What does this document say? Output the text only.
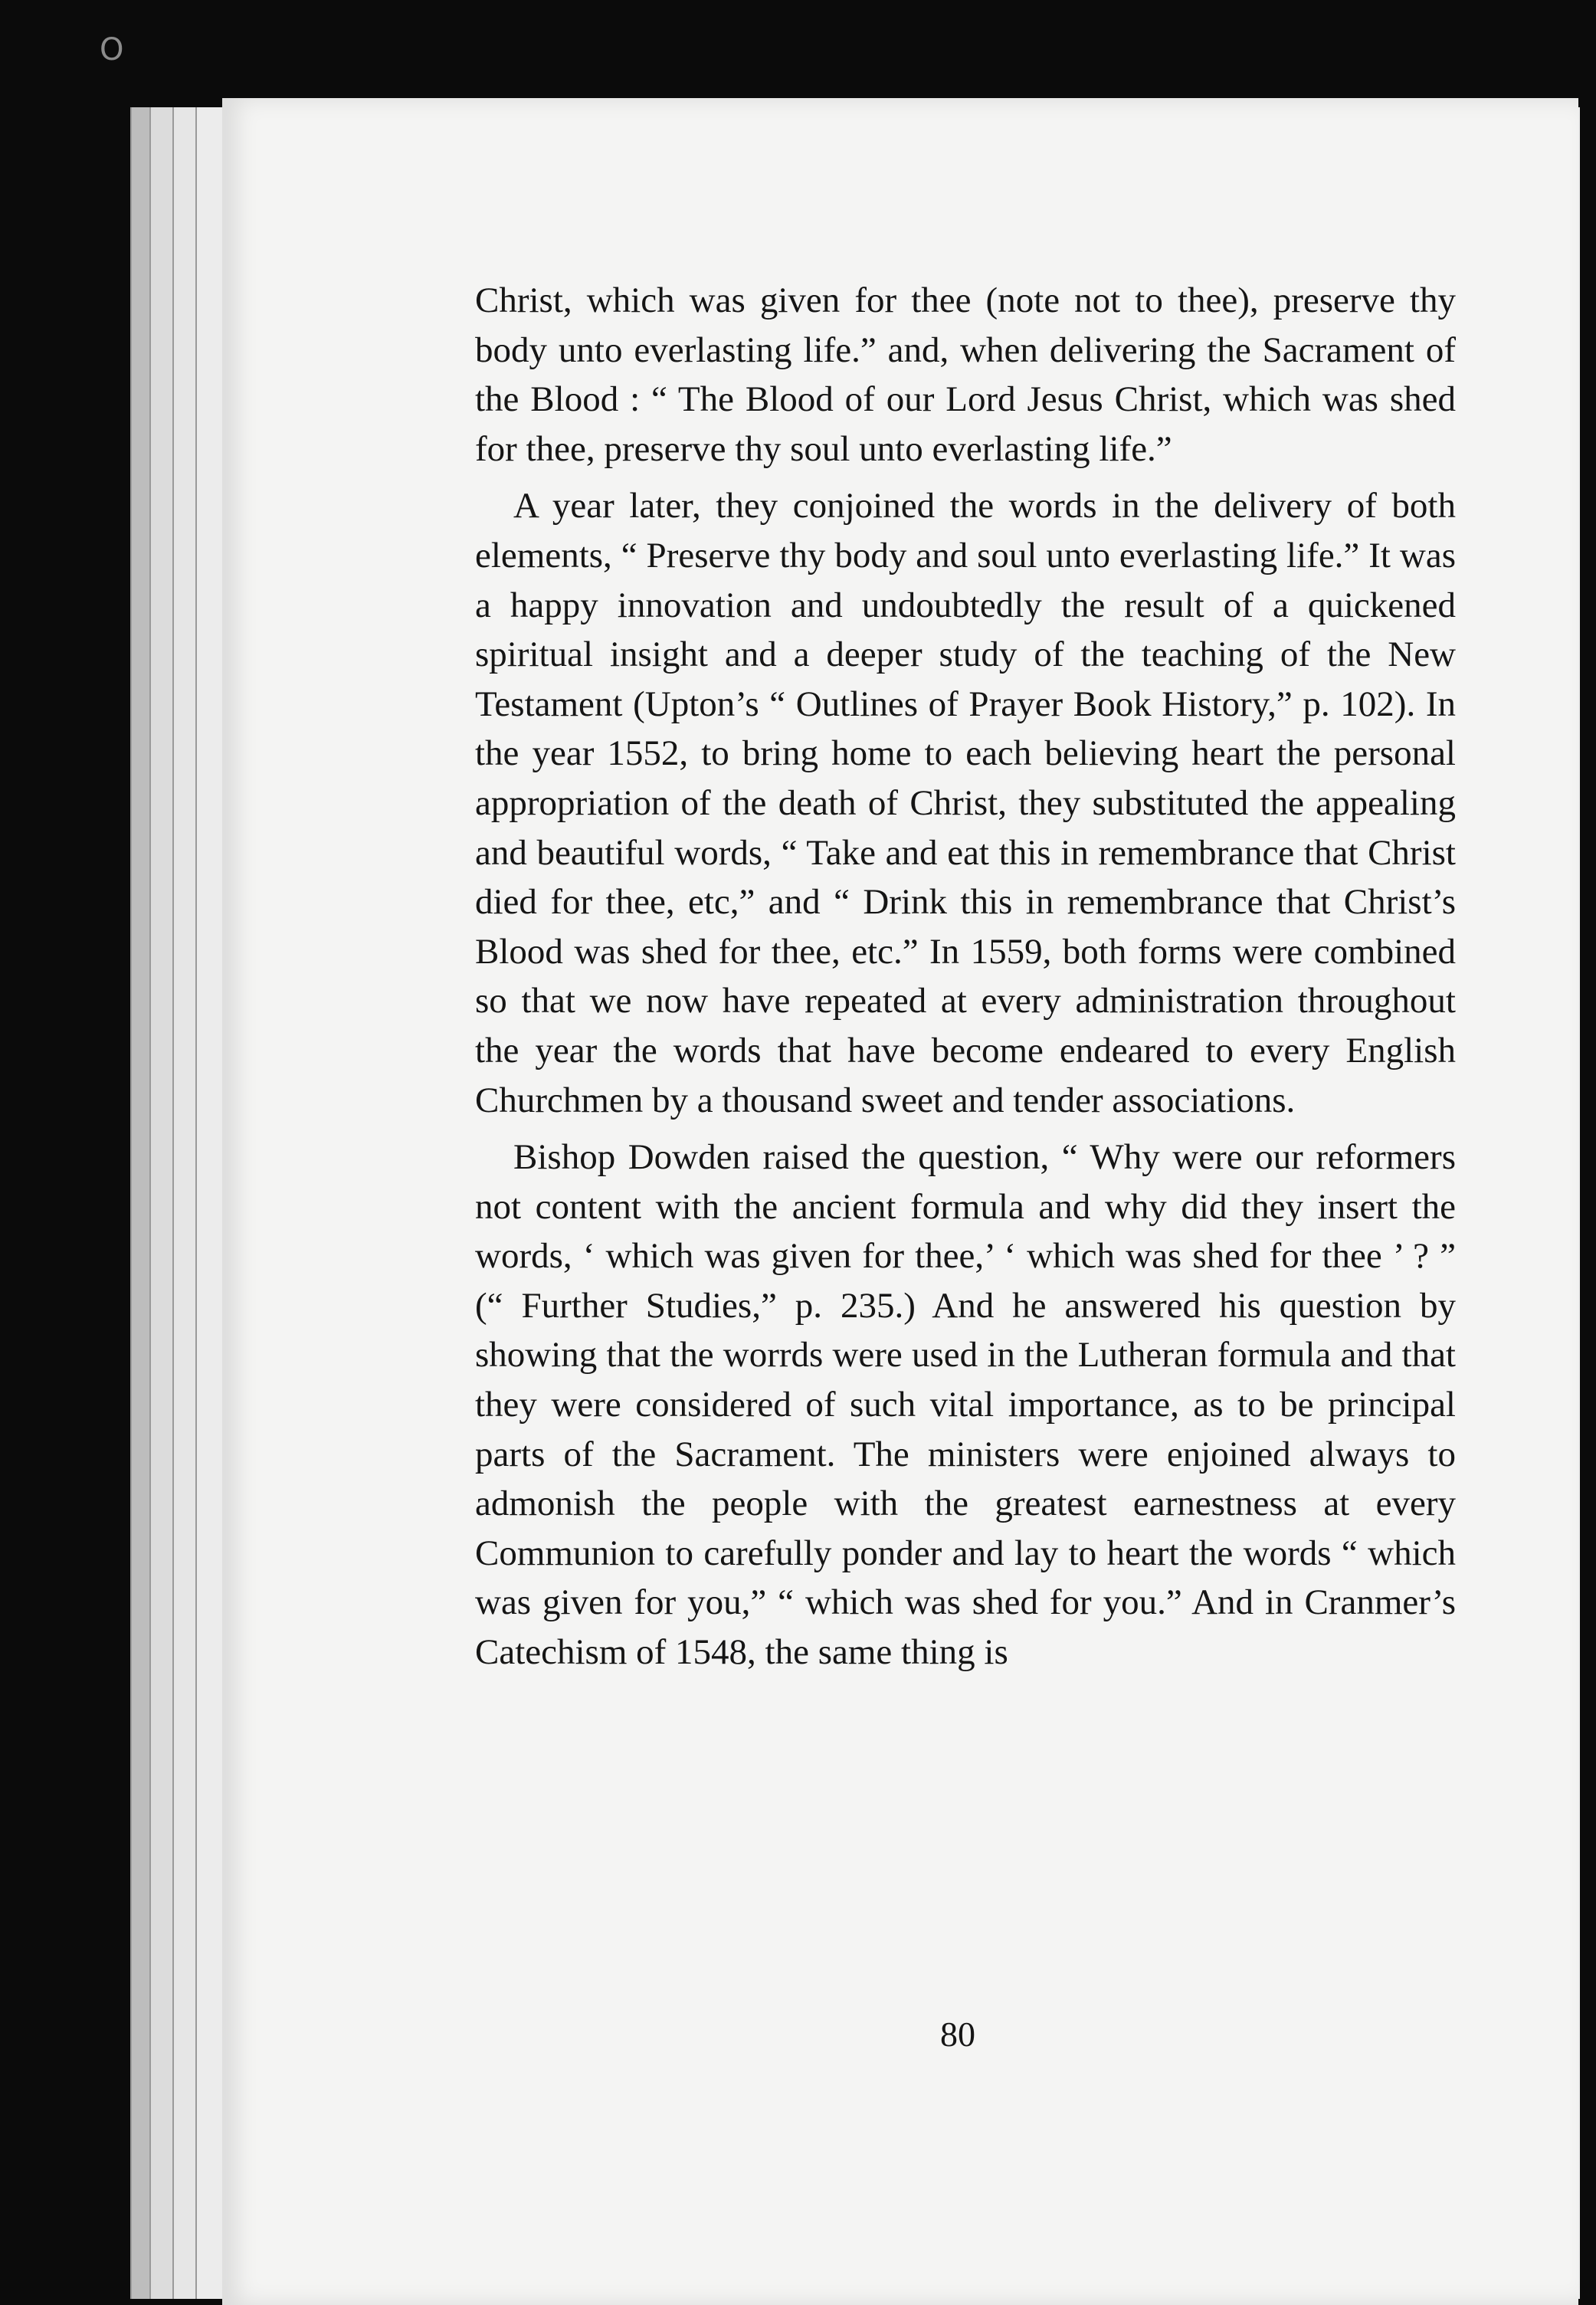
O

Christ, which was given for thee (note not to thee), preserve thy body unto everlasting life.” and, when delivering the Sacrament of the Blood : “ The Blood of our Lord Jesus Christ, which was shed for thee, preserve thy soul unto everlasting life.”

A year later, they conjoined the words in the delivery of both elements, “ Preserve thy body and soul unto everlasting life.” It was a happy innovation and undoubtedly the result of a quickened spiritual insight and a deeper study of the teaching of the New Testament (Upton’s “ Outlines of Prayer Book History,” p. 102). In the year 1552, to bring home to each believing heart the personal appropriation of the death of Christ, they substituted the appealing and beautiful words, “ Take and eat this in remembrance that Christ died for thee, etc,” and “ Drink this in remembrance that Christ’s Blood was shed for thee, etc.” In 1559, both forms were combined so that we now have repeated at every administration throughout the year the words that have become endeared to every English Churchmen by a thousand sweet and tender associations.

Bishop Dowden raised the question, “ Why were our reformers not content with the ancient formula and why did they insert the words, ‘ which was given for thee,’ ‘ which was shed for thee ’ ? ” (“ Further Studies,” p. 235.) And he answered his question by showing that the worrds were used in the Lutheran formula and that they were considered of such vital importance, as to be principal parts of the Sacrament. The ministers were enjoined always to admonish the people with the greatest earnestness at every Communion to carefully ponder and lay to heart the words “ which was given for you,” “ which was shed for you.” And in Cranmer’s Catechism of 1548, the same thing is

80
